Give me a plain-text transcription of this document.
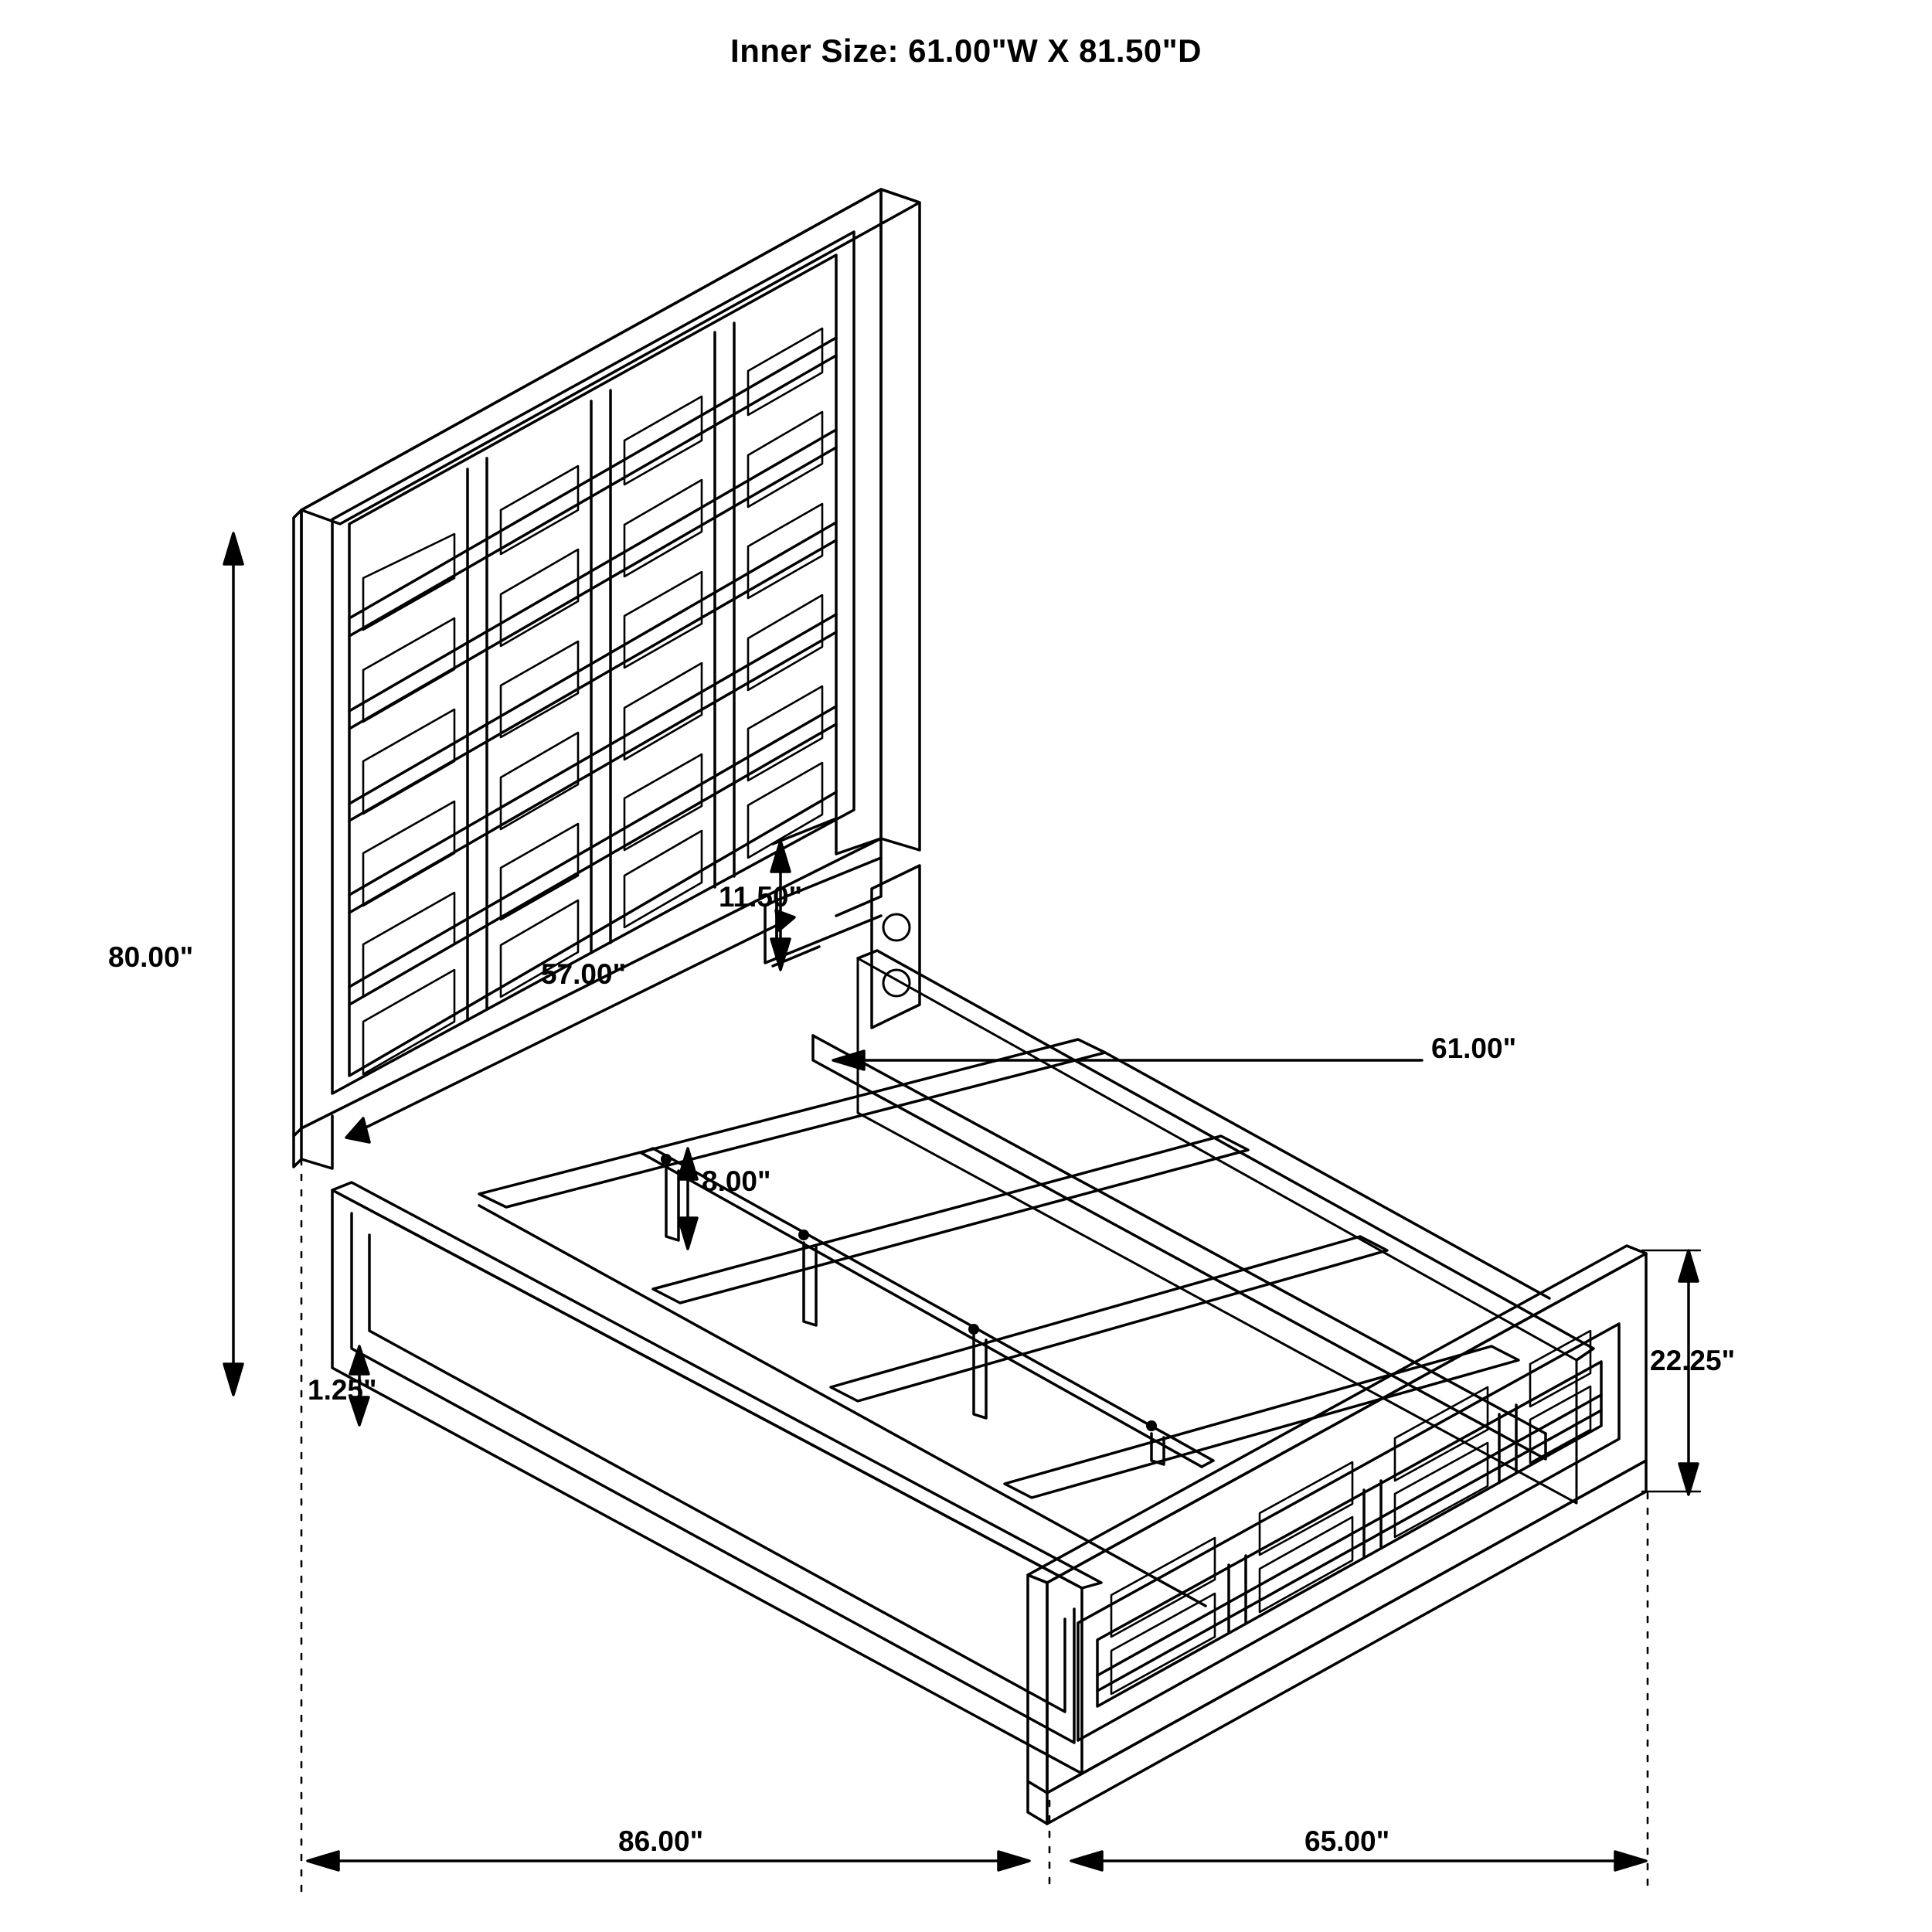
Inner Size: 61.00"W X 81.50"D
80.00"
57.00"
11.50"
61.00"
8.00"
1.25"
22.25"
86.00"	65.00"
